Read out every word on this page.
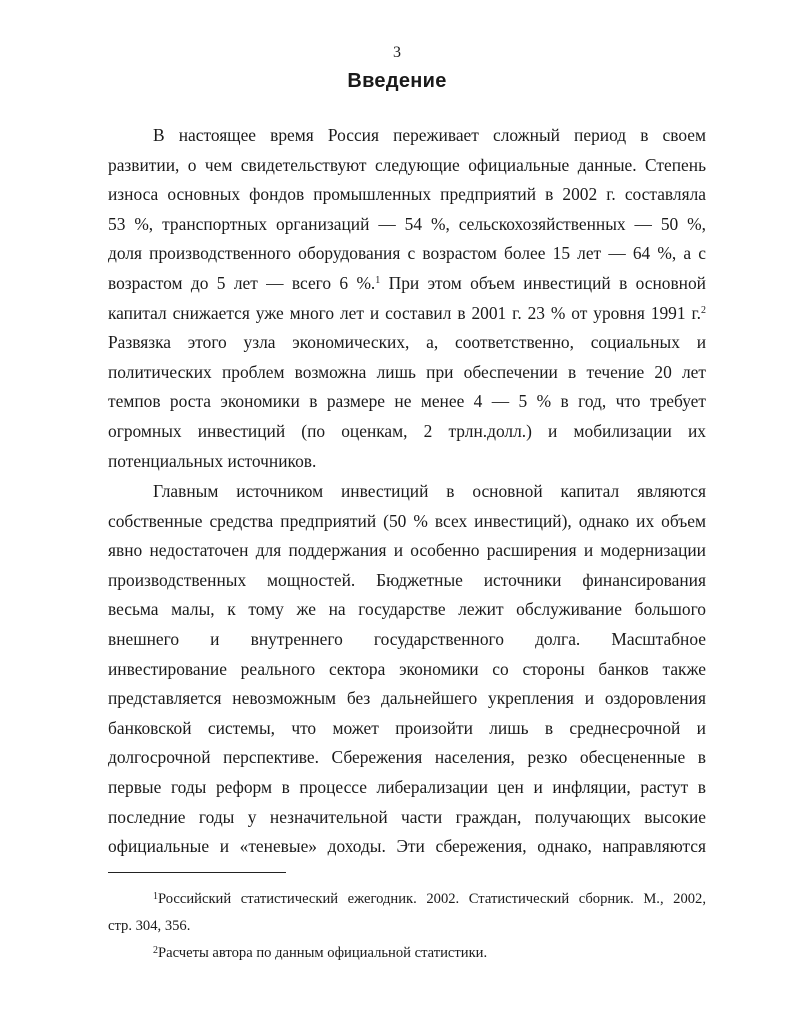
3
Введение
В настоящее время Россия переживает сложный период в своем
развитии, о чем свидетельствуют следующие официальные данные. Степень
износа основных фондов промышленных предприятий в 2002 г. составляла
53 %, транспортных организаций — 54 %, сельскохозяйственных — 50 %,
доля производственного оборудования с возрастом более 15 лет — 64 %, а с
возрастом до 5 лет — всего 6 %.$^1$ При этом объем инвестиций в основной
капитал снижается уже много лет и составил в 2001 г. 23 % от уровня 1991 г.$^2$
Развязка этого узла экономических, а, соответственно, социальных и
политических проблем возможна лишь при обеспечении в течение 20 лет
темпов роста экономики в размере не менее 4 — 5 % в год, что требует
огромных инвестиций (по оценкам, 2 трлн.долл.) и мобилизации их
потенциальных источников.
Главным источником инвестиций в основной капитал являются
собственные средства предприятий (50 % всех инвестиций), однако их объем
явно недостаточен для поддержания и особенно расширения и модернизации
производственных мощностей. Бюджетные источники финансирования
весьма малы, к тому же на государстве лежит обслуживание большого
внешнего и внутреннего государственного долга. Масштабное
инвестирование реального сектора экономики со стороны банков также
представляется невозможным без дальнейшего укрепления и оздоровления
банковской системы, что может произойти лишь в среднесрочной и
долгосрочной перспективе. Сбережения населения, резко обесцененные в
первые годы реформ в процессе либерализации цен и инфляции, растут в
последние годы у незначительной части граждан, получающих высокие
официальные и «теневые» доходы. Эти сбережения, однако, направляются
$^1$Российский статистический ежегодник. 2002. Статистический сборник. М., 2002,
стр. 304, 356.
$^2$Расчеты автора по данным официальной статистики.
